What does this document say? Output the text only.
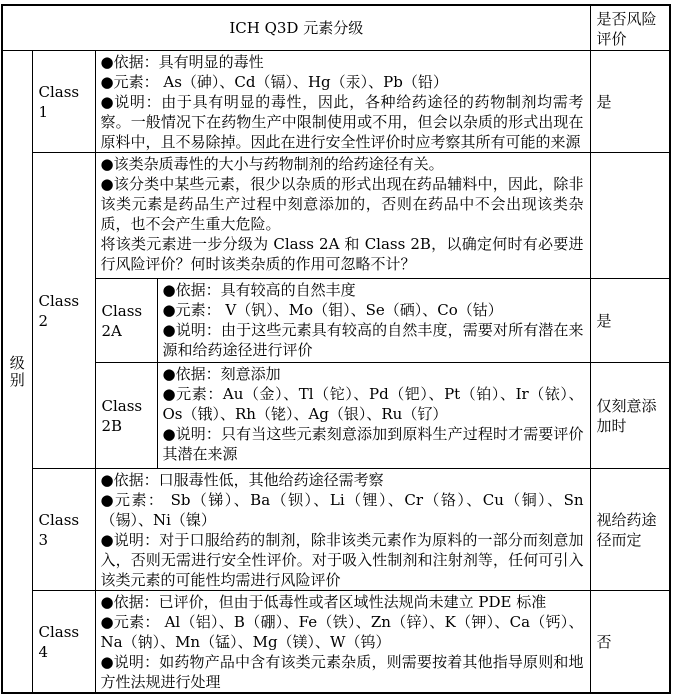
ICH Q3D 元素分级				是否风险评价

级别	Class 1	●依据：具有明显的毒性
●元素： As（砷）、Cd（镉）、Hg（汞）、Pb（铅）
●说明：由于具有明显的毒性，因此，各种给药途径的药物制剂均需考察。一般情况下在药物生产中限制使用或不用，但会以杂质的形式出现在原料中，且不易除掉。因此在进行安全性评价时应考察其所有可能的来源		是
	Class 2	●该类杂质毒性的大小与药物制剂的给药途径有关。
●该分类中某些元素，很少以杂质的形式出现在药品辅料中，因此，除非该类元素是药品生产过程中刻意添加的，否则在药品中不会出现该类杂质，也不会产生重大危险。
将该类元素进一步分级为 Class 2A 和 Class 2B，以确定何时有必要进行风险评价？何时该类杂质的作用可忽略不计？		

		Class 2A	●依据：具有较高的自然丰度
●元素： V（钒）、Mo（钼）、Se（硒）、Co（钴）
●说明：由于这些元素具有较高的自然丰度，需要对所有潜在来源和给药途径进行评价	是
		Class 2B	●依据：刻意添加
●元素：Au（金）、Tl（铊）、Pd（钯）、Pt（铂）、Ir（铱）、Os（锇）、Rh（铑）、Ag（银）、Ru（钌）
●说明：只有当这些元素刻意添加到原料生产过程时才需要评价其潜在来源	仅刻意添加时
	Class 3	●依据：口服毒性低，其他给药途径需考察
●元素： Sb（锑）、Ba（钡）、Li（锂）、Cr（铬）、Cu（铜）、Sn（锡）、Ni（镍）
●说明：对于口服给药的制剂，除非该类元素作为原料的一部分而刻意加入，否则无需进行安全性评价。对于吸入性制剂和注射剂等，任何可引入该类元素的可能性均需进行风险评价		视给药途径而定
	Class 4	●依据：已评价，但由于低毒性或者区域性法规尚未建立 PDE 标准
●元素： Al（铝）、B（硼）、Fe（铁）、Zn（锌）、K（钾）、Ca（钙）、Na（钠）、Mn（锰）、Mg（镁）、W（钨）
●说明：如药物产品中含有该类元素杂质，则需要按着其他指导原则和地方性法规进行处理		否
